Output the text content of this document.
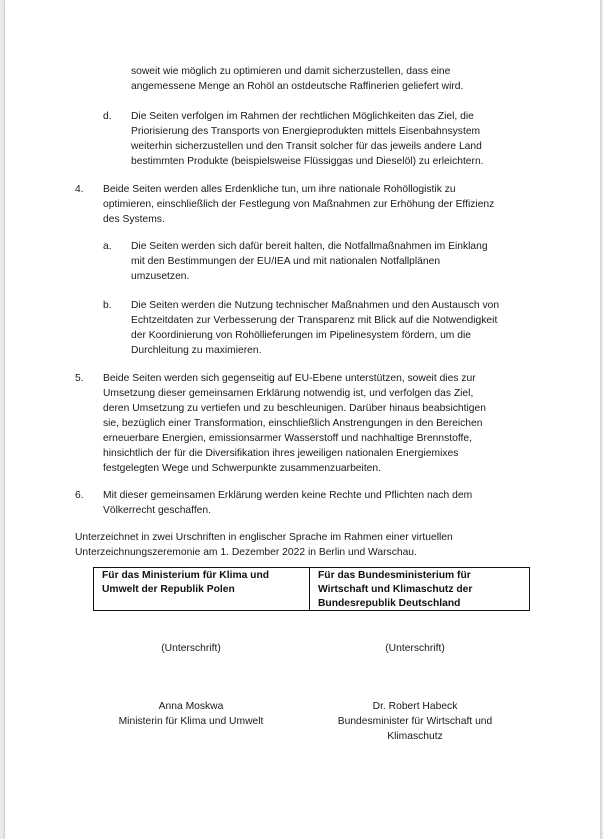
soweit wie möglich zu optimieren und damit sicherzustellen, dass eine
angemessene Menge an Rohöl an ostdeutsche Raffinerien geliefert wird.
d. Die Seiten verfolgen im Rahmen der rechtlichen Möglichkeiten das Ziel, die
Priorisierung des Transports von Energieprodukten mittels Eisenbahnsystem
weiterhin sicherzustellen und den Transit solcher für das jeweils andere Land
bestimmten Produkte (beispielsweise Flüssiggas und Dieselöl) zu erleichtern.
4. Beide Seiten werden alles Erdenkliche tun, um ihre nationale Rohöllogistik zu
optimieren, einschließlich der Festlegung von Maßnahmen zur Erhöhung der Effizienz
des Systems.
a. Die Seiten werden sich dafür bereit halten, die Notfallmaßnahmen im Einklang
mit den Bestimmungen der EU/IEA und mit nationalen Notfallplänen
umzusetzen.
b. Die Seiten werden die Nutzung technischer Maßnahmen und den Austausch von
Echtzeitdaten zur Verbesserung der Transparenz mit Blick auf die Notwendigkeit
der Koordinierung von Rohöllieferungen im Pipelinesystem fördern, um die
Durchleitung zu maximieren.
5. Beide Seiten werden sich gegenseitig auf EU-Ebene unterstützen, soweit dies zur
Umsetzung dieser gemeinsamen Erklärung notwendig ist, und verfolgen das Ziel,
deren Umsetzung zu vertiefen und zu beschleunigen. Darüber hinaus beabsichtigen
sie, bezüglich einer Transformation, einschließlich Anstrengungen in den Bereichen
erneuerbare Energien, emissionsarmer Wasserstoff und nachhaltige Brennstoffe,
hinsichtlich der für die Diversifikation ihres jeweiligen nationalen Energiemixes
festgelegten Wege und Schwerpunkte zusammenzuarbeiten.
6. Mit dieser gemeinsamen Erklärung werden keine Rechte und Pflichten nach dem
Völkerrecht geschaffen.
Unterzeichnet in zwei Urschriften in englischer Sprache im Rahmen einer virtuellen
Unterzeichnungszeremonie am 1. Dezember 2022 in Berlin und Warschau.
Für das Ministerium für Klima und
Umwelt der Republik Polen
Für das Bundesministerium für
Wirtschaft und Klimaschutz der
Bundesrepublik Deutschland
(Unterschrift)	(Unterschrift)
Anna Moskwa
Ministerin für Klima und Umwelt
Dr. Robert Habeck
Bundesminister für Wirtschaft und
Klimaschutz
